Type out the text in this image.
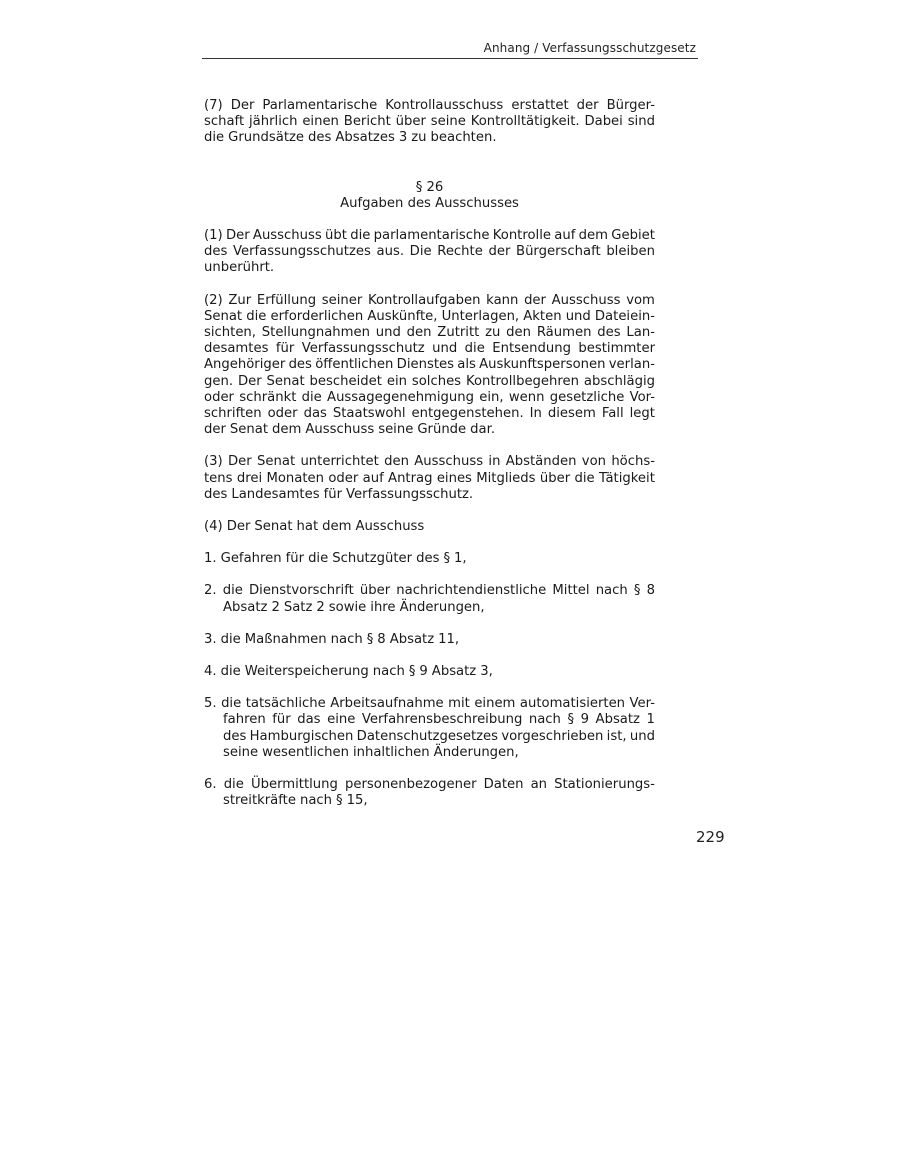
Anhang / Verfassungsschutzgesetz
(7) Der Parlamentarische Kontrollausschuss erstattet der Bürger-
schaft jährlich einen Bericht über seine Kontrolltätigkeit. Dabei sind
die Grundsätze des Absatzes 3 zu beachten.
§ 26
Aufgaben des Ausschusses
(1) Der Ausschuss übt die parlamentarische Kontrolle auf dem Gebiet
des Verfassungsschutzes aus. Die Rechte der Bürgerschaft bleiben
unberührt.
(2) Zur Erfüllung seiner Kontrollaufgaben kann der Ausschuss vom
Senat die erforderlichen Auskünfte, Unterlagen, Akten und Dateiein-
sichten, Stellungnahmen und den Zutritt zu den Räumen des Lan-
desamtes für Verfassungsschutz und die Entsendung bestimmter
Angehöriger des öffentlichen Dienstes als Auskunftspersonen verlan-
gen. Der Senat bescheidet ein solches Kontrollbegehren abschlägig
oder schränkt die Aussagegenehmigung ein, wenn gesetzliche Vor-
schriften oder das Staatswohl entgegenstehen. In diesem Fall legt
der Senat dem Ausschuss seine Gründe dar.
(3) Der Senat unterrichtet den Ausschuss in Abständen von höchs-
tens drei Monaten oder auf Antrag eines Mitglieds über die Tätigkeit
des Landesamtes für Verfassungsschutz.
(4) Der Senat hat dem Ausschuss
1. Gefahren für die Schutzgüter des § 1,
2. die Dienstvorschrift über nachrichtendienstliche Mittel nach § 8
Absatz 2 Satz 2 sowie ihre Änderungen,
3. die Maßnahmen nach § 8 Absatz 11,
4. die Weiterspeicherung nach § 9 Absatz 3,
5. die tatsächliche Arbeitsaufnahme mit einem automatisierten Ver-
fahren für das eine Verfahrensbeschreibung nach § 9 Absatz 1
des Hamburgischen Datenschutzgesetzes vorgeschrieben ist, und
seine wesentlichen inhaltlichen Änderungen,
6. die Übermittlung personenbezogener Daten an Stationierungs-
streitkräfte nach § 15,
229
